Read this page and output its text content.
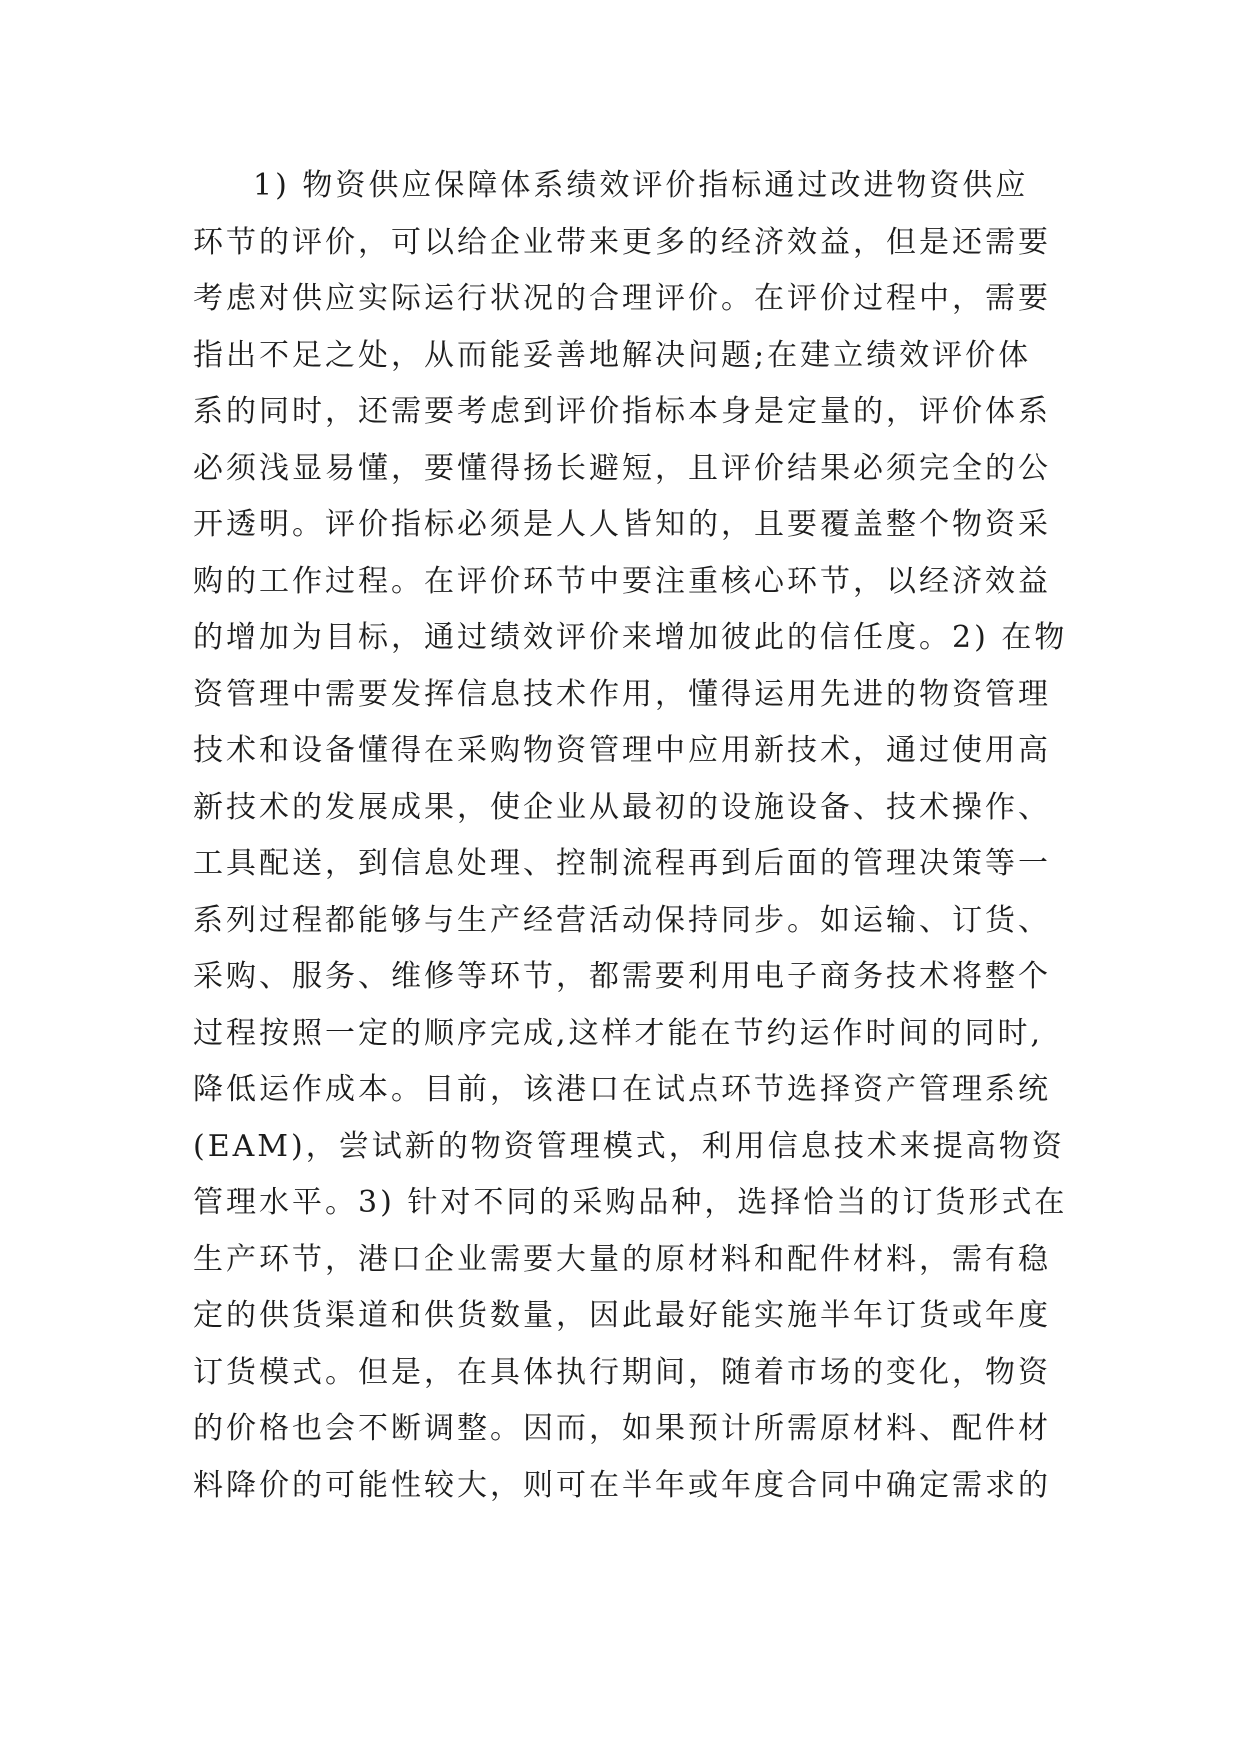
1) 物资供应保障体系绩效评价指标通过改进物资供应
环节的评价，可以给企业带来更多的经济效益，但是还需要
考虑对供应实际运行状况的合理评价。在评价过程中，需要
指出不足之处，从而能妥善地解决问题;在建立绩效评价体
系的同时，还需要考虑到评价指标本身是定量的，评价体系
必须浅显易懂，要懂得扬长避短，且评价结果必须完全的公
开透明。评价指标必须是人人皆知的，且要覆盖整个物资采
购的工作过程。在评价环节中要注重核心环节，以经济效益
的增加为目标，通过绩效评价来增加彼此的信任度。2) 在物
资管理中需要发挥信息技术作用，懂得运用先进的物资管理
技术和设备懂得在采购物资管理中应用新技术，通过使用高
新技术的发展成果，使企业从最初的设施设备、技术操作、
工具配送，到信息处理、控制流程再到后面的管理决策等一
系列过程都能够与生产经营活动保持同步。如运输、订货、
采购、服务、维修等环节，都需要利用电子商务技术将整个
过程按照一定的顺序完成,这样才能在节约运作时间的同时,
降低运作成本。目前，该港口在试点环节选择资产管理系统
(EAM)，尝试新的物资管理模式，利用信息技术来提高物资
管理水平。3) 针对不同的采购品种，选择恰当的订货形式在
生产环节，港口企业需要大量的原材料和配件材料，需有稳
定的供货渠道和供货数量，因此最好能实施半年订货或年度
订货模式。但是，在具体执行期间，随着市场的变化，物资
的价格也会不断调整。因而，如果预计所需原材料、配件材
料降价的可能性较大，则可在半年或年度合同中确定需求的
